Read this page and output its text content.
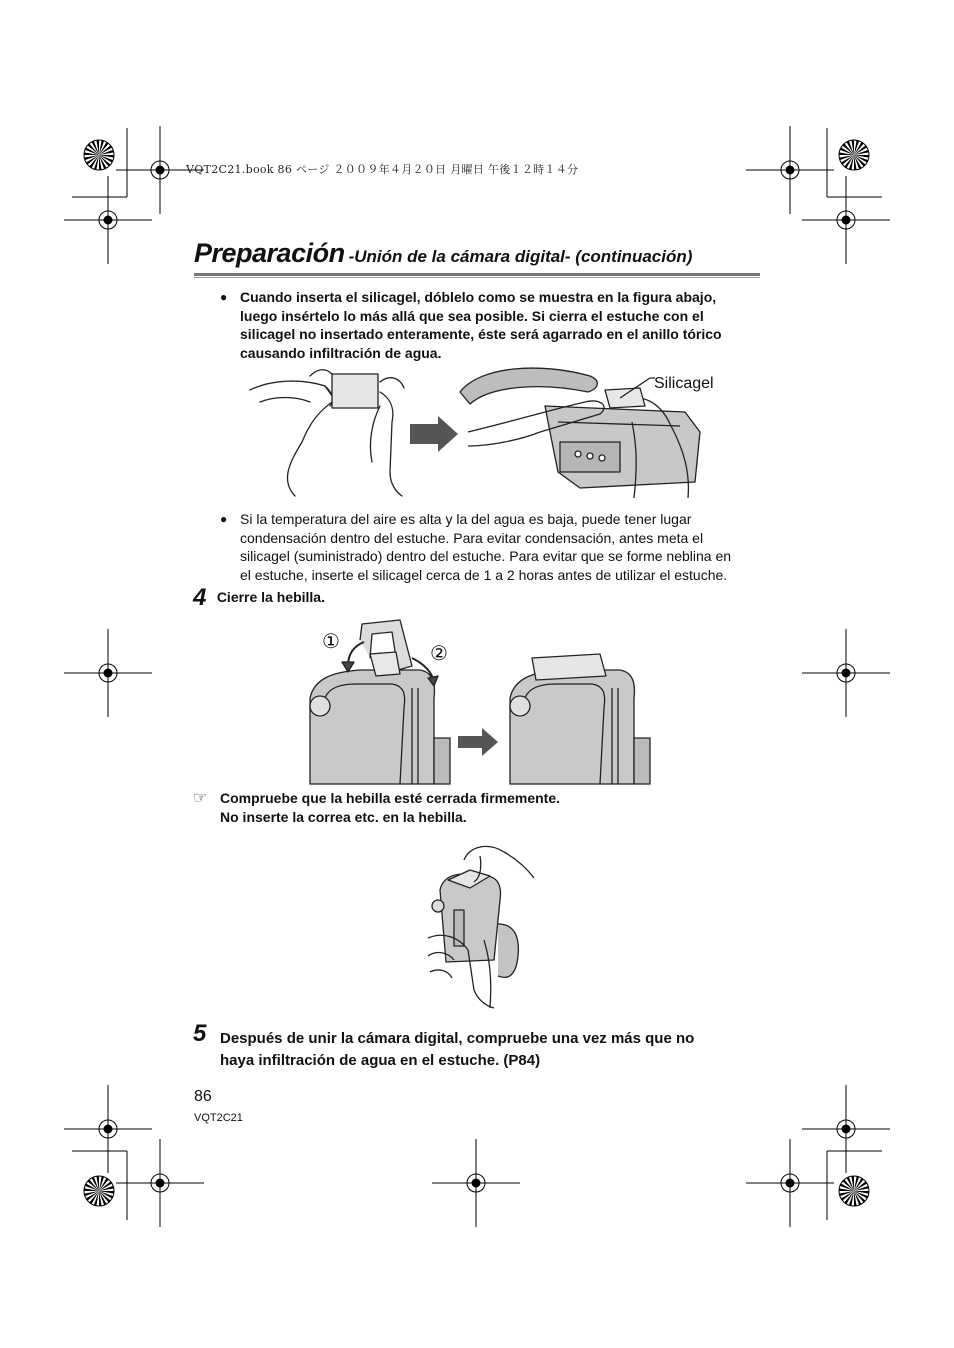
VQT2C21.book 86 ページ ２００９年４月２０日 月曜日 午後１２時１４分
Preparación -Unión de la cámara digital- (continuación)
● Cuando inserta el silicagel, dóblelo como se muestra en la figura abajo,
luego insértelo lo más allá que sea posible. Si cierra el estuche con el
silicagel no insertado enteramente, éste será agarrado en el anillo tórico
causando infiltración de agua.
Silicagel
● Si la temperatura del aire es alta y la del agua es baja, puede tener lugar
condensación dentro del estuche. Para evitar condensación, antes meta el
silicagel (suministrado) dentro del estuche. Para evitar que se forme neblina en
el estuche, inserte el silicagel cerca de 1 a 2 horas antes de utilizar el estuche.
4 Cierre la hebilla.
①	②
☞ Compruebe que la hebilla esté cerrada firmemente.
No inserte la correa etc. en la hebilla.
5 Después de unir la cámara digital, compruebe una vez más que no
haya infiltración de agua en el estuche. (P84)
86
VQT2C21
